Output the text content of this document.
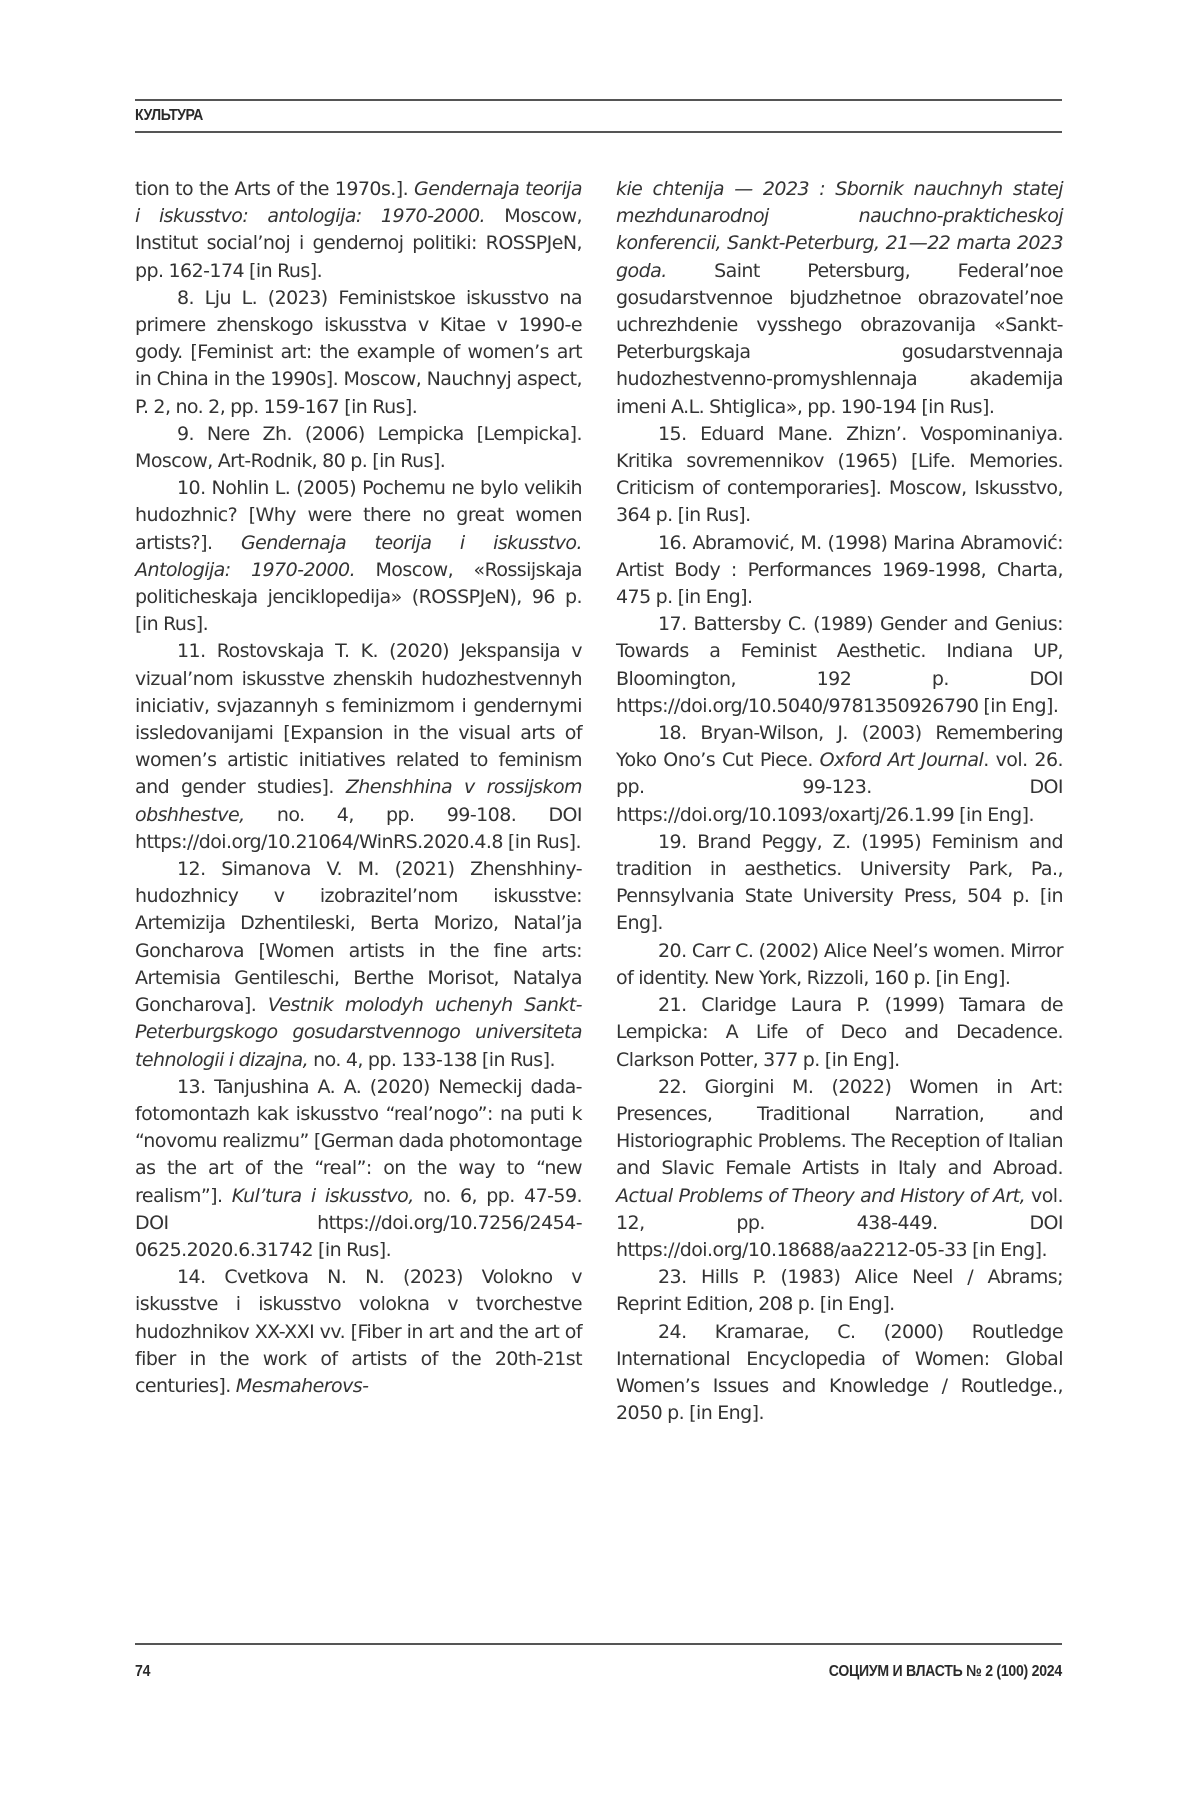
КУЛЬТУРА

tion to the Arts of the 1970s.]. Gendernaja teorija i iskusstvo: antologija: 1970-2000. Moscow, Institut social’noj i gendernoj politiki: ROSSPJeN, pp. 162-174 [in Rus].

8. Lju L. (2023) Feministskoe iskusstvo na primere zhenskogo iskusstva v Kitae v 1990-e gody. [Feminist art: the example of women’s art in China in the 1990s]. Moscow, Nauchnyj aspect, P. 2, no. 2, pp. 159-167 [in Rus].

9. Nere Zh. (2006) Lempicka [Lempicka]. Moscow, Art-Rodnik, 80 p. [in Rus].

10. Nohlin L. (2005) Pochemu ne bylo velikih hudozhnic? [Why were there no great women artists?]. Gendernaja teorija i iskusstvo. Antologija: 1970-2000. Moscow, «Rossijskaja politicheskaja jenciklopedija» (ROSSPJeN), 96 p. [in Rus].

11. Rostovskaja T. K. (2020) Jekspansija v vizual’nom iskusstve zhenskih hudozhestvennyh iniciativ, svjazannyh s feminizmom i gendernymi issledovanijami [Expansion in the visual arts of women’s artistic initiatives related to feminism and gender studies]. Zhenshhina v rossijskom obshhestve, no. 4, pp. 99-108. DOI https://doi.org/10.21064/WinRS.2020.4.8 [in Rus].

12. Simanova V. M. (2021) Zhenshhiny-hudozhnicy v izobrazitel’nom iskusstve: Artemizija Dzhentileski, Berta Morizo, Natal’ja Goncharova [Women artists in the fine arts: Artemisia Gentileschi, Berthe Morisot, Natalya Goncharova]. Vestnik molodyh uchenyh Sankt-Peterburgskogo gosudarstvennogo universiteta tehnologii i dizajna, no. 4, pp. 133-138 [in Rus].

13. Tanjushina A. A. (2020) Nemeckij dada-fotomontazh kak iskusstvo “real’nogo”: na puti k “novomu realizmu” [German dada photomontage as the art of the “real”: on the way to “new realism”]. Kul’tura i iskusstvo, no. 6, pp. 47-59. DOI https://doi.org/10.7256/2454-0625.2020.6.31742 [in Rus].

14. Cvetkova N. N. (2023) Volokno v iskusstve i iskusstvo volokna v tvorchestve hudozhnikov XX-XXI vv. [Fiber in art and the art of fiber in the work of artists of the 20th-21st centuries]. Mesmaherovs-

kie chtenija — 2023 : Sbornik nauchnyh statej mezhdunarodnoj nauchno-prakticheskoj konferencii, Sankt-Peterburg, 21—22 marta 2023 goda. Saint Petersburg, Federal’noe gosudarstvennoe bjudzhetnoe obrazovatel’noe uchrezhdenie vysshego obrazovanija «Sankt-Peterburgskaja gosudarstvennaja hudozhestvenno-promyshlennaja akademija imeni A.L. Shtiglica», pp. 190-194 [in Rus].

15. Eduard Mane. Zhizn’. Vospominaniya. Kritika sovremennikov (1965) [Life. Memories. Criticism of contemporaries]. Moscow, Iskusstvo, 364 p. [in Rus].

16. Abramović, M. (1998) Marina Abramović: Artist Body : Performances 1969-1998, Charta, 475 p. [in Eng].

17. Battersby C. (1989) Gender and Genius: Towards a Feminist Aesthetic. Indiana UP, Bloomington, 192 p. DOI https://doi.org/10.5040/9781350926790 [in Eng].

18. Bryan-Wilson, J. (2003) Remembering Yoko Ono’s Cut Piece. Oxford Art Journal. vol. 26. pp. 99-123. DOI https://doi.org/10.1093/oxartj/26.1.99 [in Eng].

19. Brand Peggy, Z. (1995) Feminism and tradition in aesthetics. University Park, Pa., Pennsylvania State University Press, 504 p. [in Eng].

20. Carr C. (2002) Alice Neel’s women. Mirror of identity. New York, Rizzoli, 160 p. [in Eng].

21. Claridge Laura P. (1999) Tamara de Lempicka: A Life of Deco and Decadence. Clarkson Potter, 377 p. [in Eng].

22. Giorgini M. (2022) Women in Art: Presences, Traditional Narration, and Historiographic Problems. The Reception of Italian and Slavic Female Artists in Italy and Abroad. Actual Problems of Theory and History of Art, vol. 12, pp. 438-449. DOI https://doi.org/10.18688/aa2212-05-33 [in Eng].

23. Hills P. (1983) Alice Neel / Abrams; Reprint Edition, 208 p. [in Eng].

24. Kramarae, C. (2000) Routledge International Encyclopedia of Women: Global Women’s Issues and Knowledge / Routledge., 2050 p. [in Eng].

74	СОЦИУМ И ВЛАСТЬ № 2 (100) 2024
